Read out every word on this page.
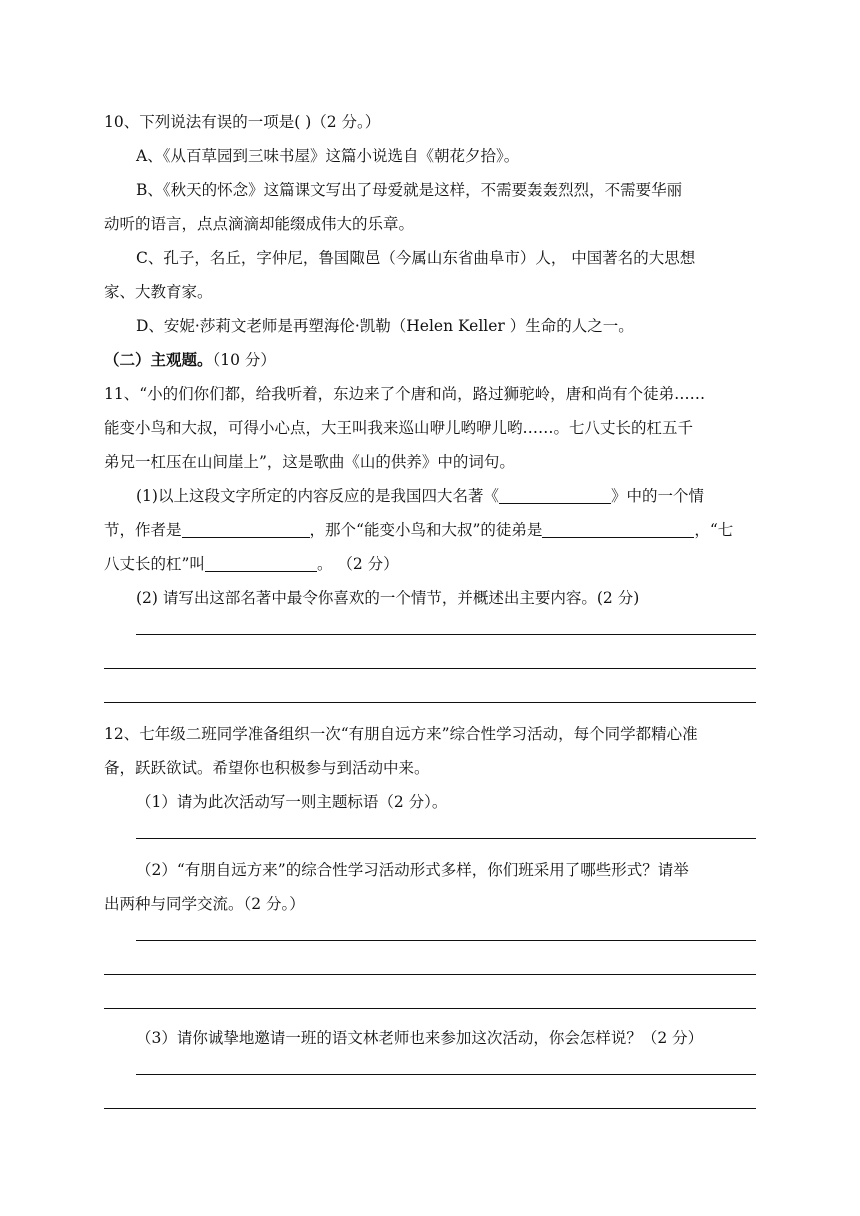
10、下列说法有误的一项是( )（2 分。）
A、《从百草园到三味书屋》这篇小说选自《朝花夕拾》。
B、《秋天的怀念》这篇课文写出了母爱就是这样，不需要轰轰烈烈，不需要华丽
动听的语言，点点滴滴却能缀成伟大的乐章。
C、孔子，名丘，字仲尼，鲁国陬邑（今属山东省曲阜市）人， 中国著名的大思想
家、大教育家。
D、安妮·莎莉文老师是再塑海伦·凯勒（Helen Keller ）生命的人之一。
（二）主观题。（10 分）
11、“小的们你们都，给我听着，东边来了个唐和尚，路过狮驼岭，唐和尚有个徒弟……
能变小鸟和大叔，可得小心点，大王叫我来巡山咿儿哟咿儿哟……。七八丈长的杠五千
弟兄一杠压在山间崖上”，这是歌曲《山的供养》中的词句。
(1)以上这段文字所定的内容反应的是我国四大名著《	》中的一个情
节，作者是	，那个“能变小鸟和大叔”的徒弟是	，“七
八丈长的杠”叫	。 （2 分）
(2) 请写出这部名著中最令你喜欢的一个情节，并概述出主要内容。(2 分)
12、七年级二班同学准备组织一次“有朋自远方来”综合性学习活动，每个同学都精心准
备，跃跃欲试。希望你也积极参与到活动中来。
（1）请为此次活动写一则主题标语（2 分）。
（2）“有朋自远方来”的综合性学习活动形式多样，你们班采用了哪些形式？请举
出两种与同学交流。（2 分。）
（3）请你诚挚地邀请一班的语文林老师也来参加这次活动，你会怎样说？（2 分）
